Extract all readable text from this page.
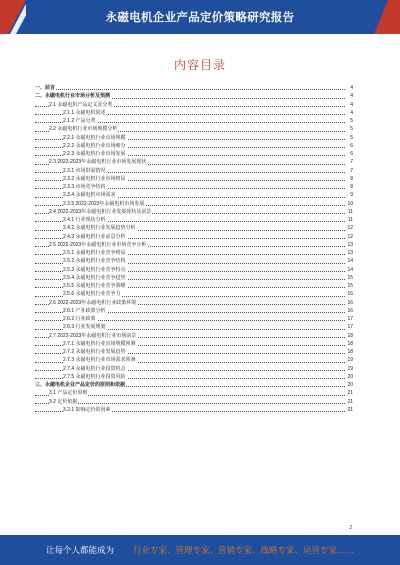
永磁电机企业产品定价策略研究报告
内容目录
一、前言	4
二、永磁电机行业市场分析及预测	4
2.1 永磁电机产品定义及分类	4
2.1.1 永磁电机简述	4
2.1.2 产品分类	5
2.2 永磁电机行业市场规模分析	5
2.2.1 永磁电机行业市场规模	5
2.2.2 永磁电机行业市场细分	6
2.2.3 永磁电机行业市场发展	6
2.3 2022-2023年永磁电机行业市场发展现状	7
2.3.1 市场供需情况	7
2.3.2 永磁电机行业市场格局	8
2.3.3 市场竞争结构	8
2.3.4 永磁电机市场需求	9
2.3.5 2022-2023年永磁电机市场发展	10
2.4 2022-2023年永磁电机行业发展现状及前景	11
2.4.1 行业现状分析	11
2.4.2 永磁电机行业发展趋势分析	12
2.4.3 永磁电机行业前景分析	12
2.5 2022-2023年永磁电机行业市场竞争分析	13
2.5.1 永磁电机行业竞争格局	13
2.5.2 永磁电机行业竞争结构	14
2.5.3 永磁电机行业竞争特点	14
2.5.4 永磁电机行业竞争趋势	15
2.5.5 永磁电机行业竞争策略	15
2.5.6 永磁电机行业竞争力	16
2.6 2022-2023年永磁电机行业政策环境	16
2.6.1 产业政策分析	16
2.6.2 行业政策	17
2.6.3 行业发展规划	17
2.7 2022-2023年永磁电机行业市场前景	18
2.7.1 永磁电机行业市场规模预测	18
2.7.2 永磁电机行业发展趋势	18
2.7.3 永磁电机行业市场需求预测	19
2.7.4 永磁电机行业投资机会	19
2.7.5 永磁电机行业投资风险	20
三、永磁电机企业产品定价的原则和依据	20
3.1 产品定价原则	21
3.2 定价依据	21
3.2.1 影响定价的因素	21
2
让每个人都能成为 行业专家、管理专家、营销专家、战略专家、运营专家……
